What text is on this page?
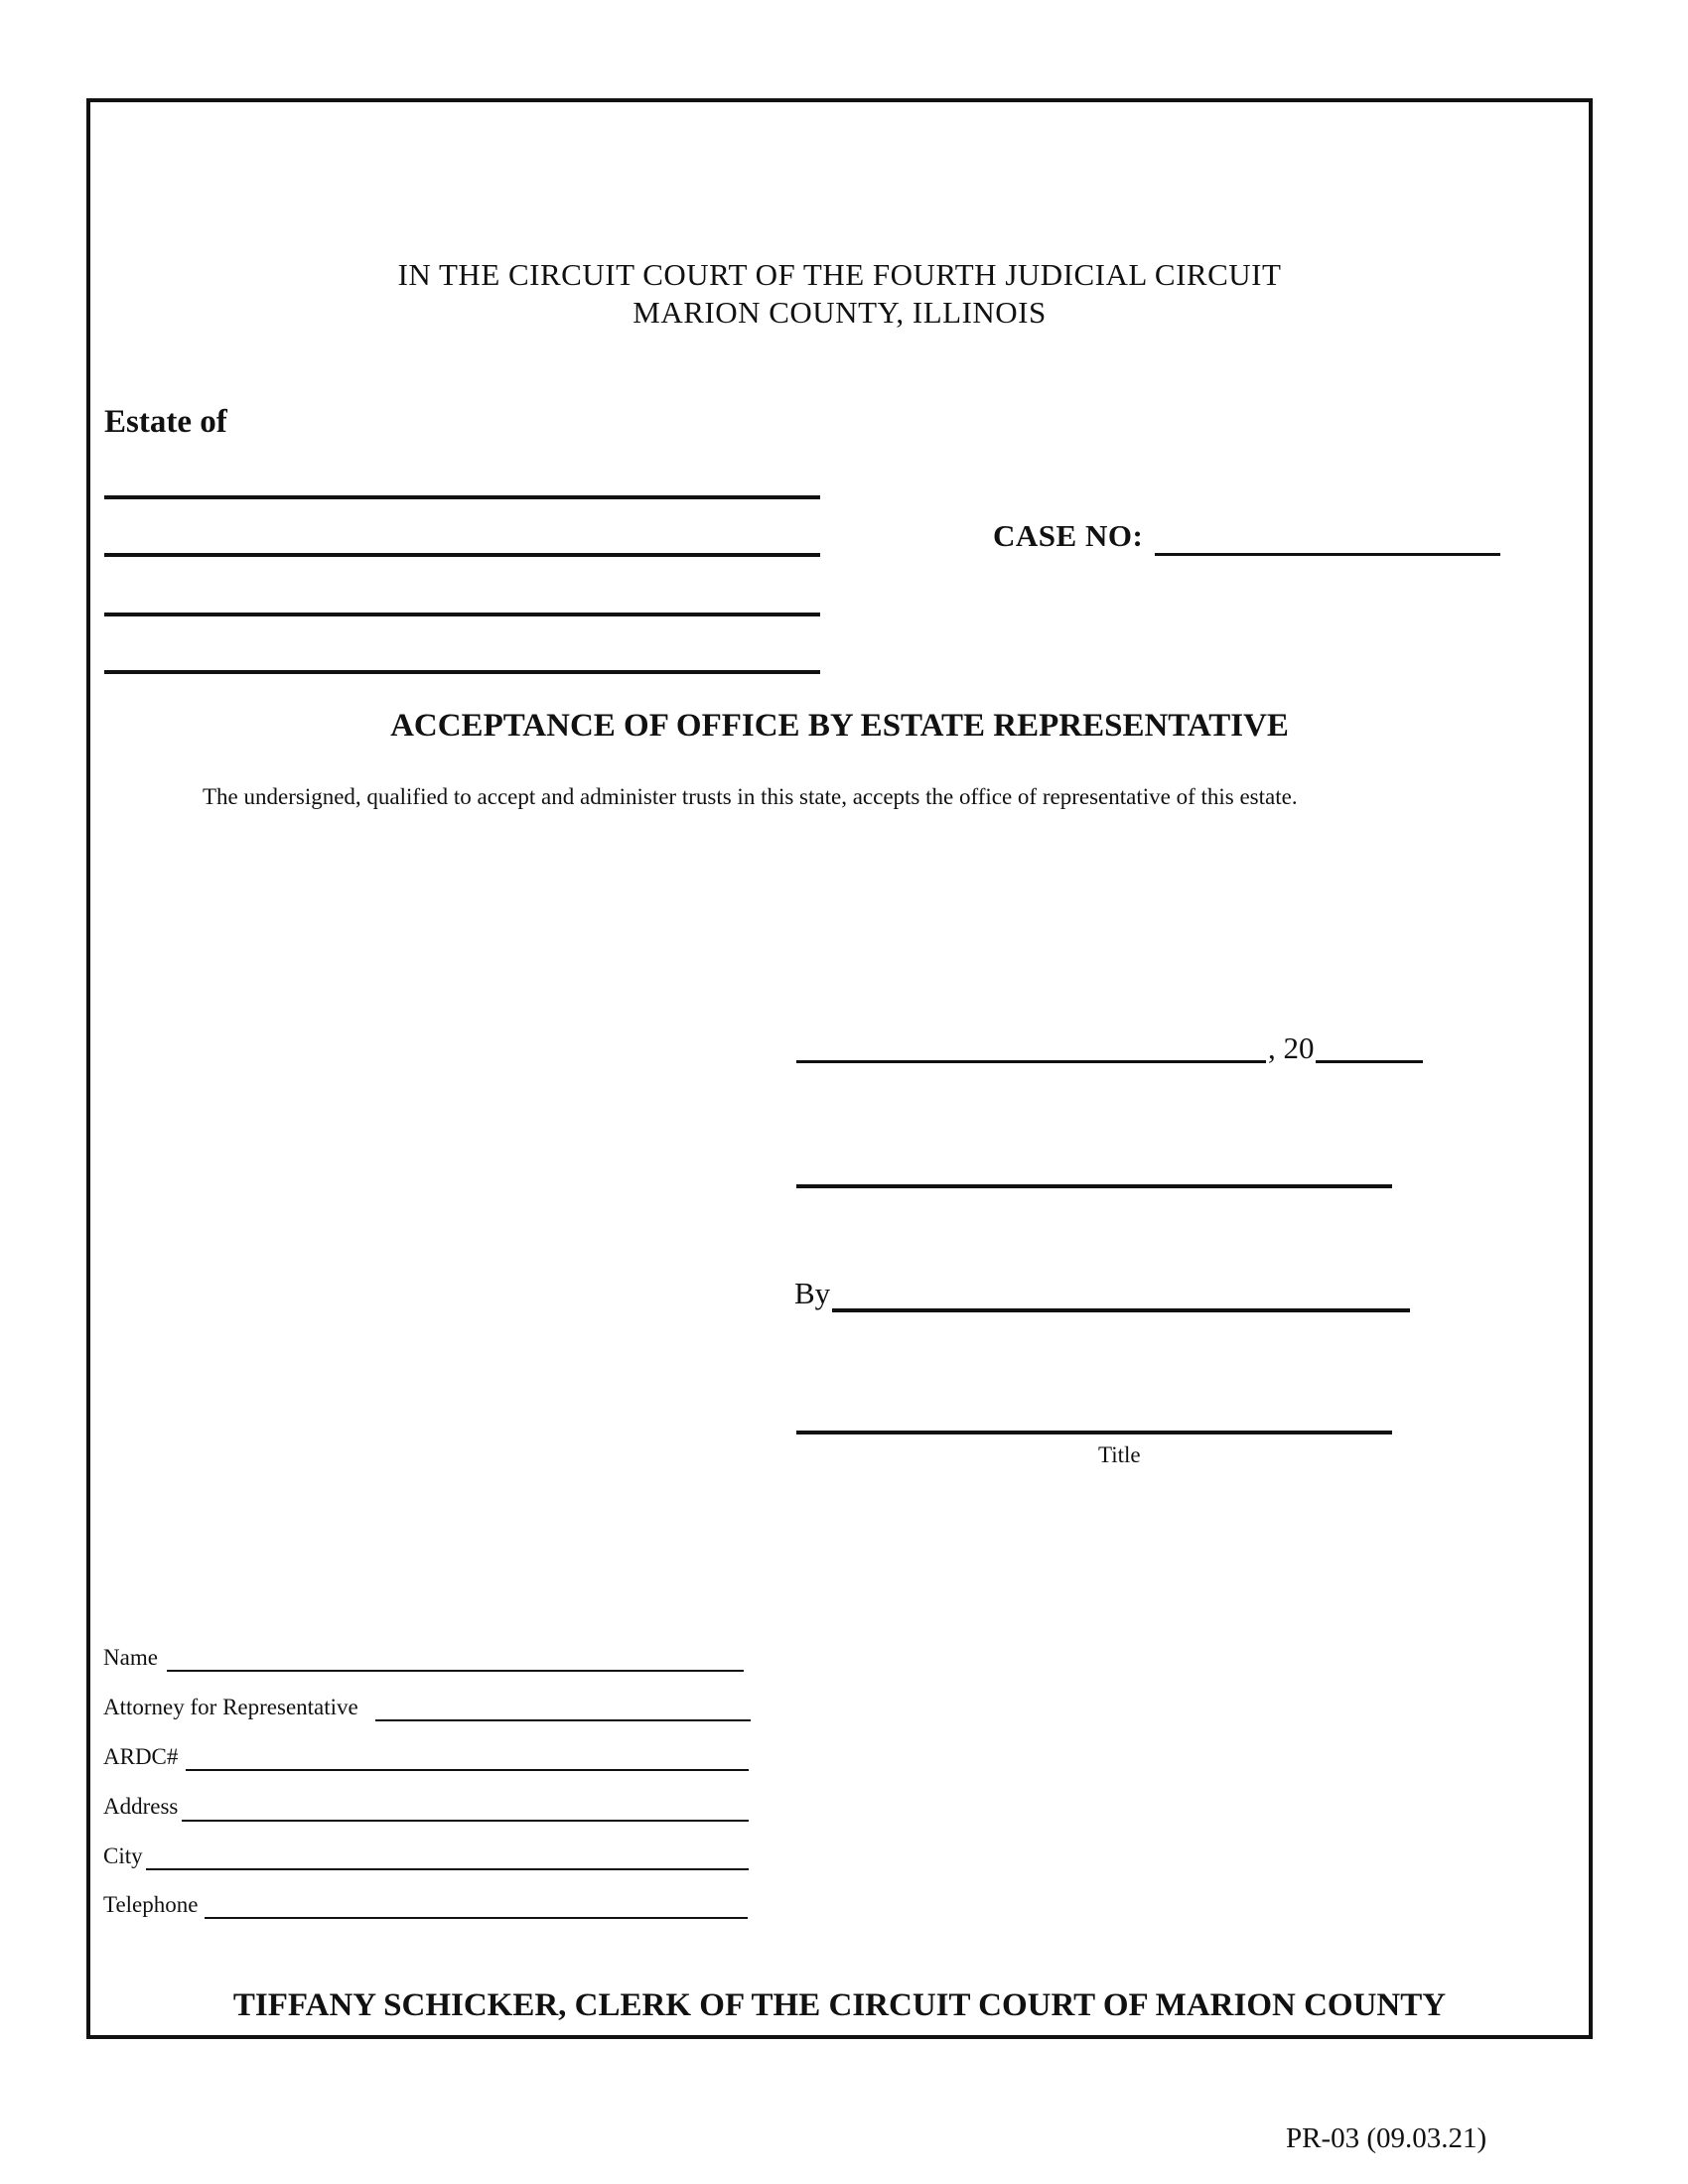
IN THE CIRCUIT COURT OF THE FOURTH JUDICIAL CIRCUIT
MARION COUNTY, ILLINOIS
Estate of
CASE NO:
ACCEPTANCE OF OFFICE BY ESTATE REPRESENTATIVE
The undersigned, qualified to accept and administer trusts in this state, accepts the office of representative of this estate.
, 20
By
Title
Name
Attorney for Representative
ARDC#
Address
City
Telephone
TIFFANY SCHICKER, CLERK OF THE CIRCUIT COURT OF MARION COUNTY
PR-03 (09.03.21)
